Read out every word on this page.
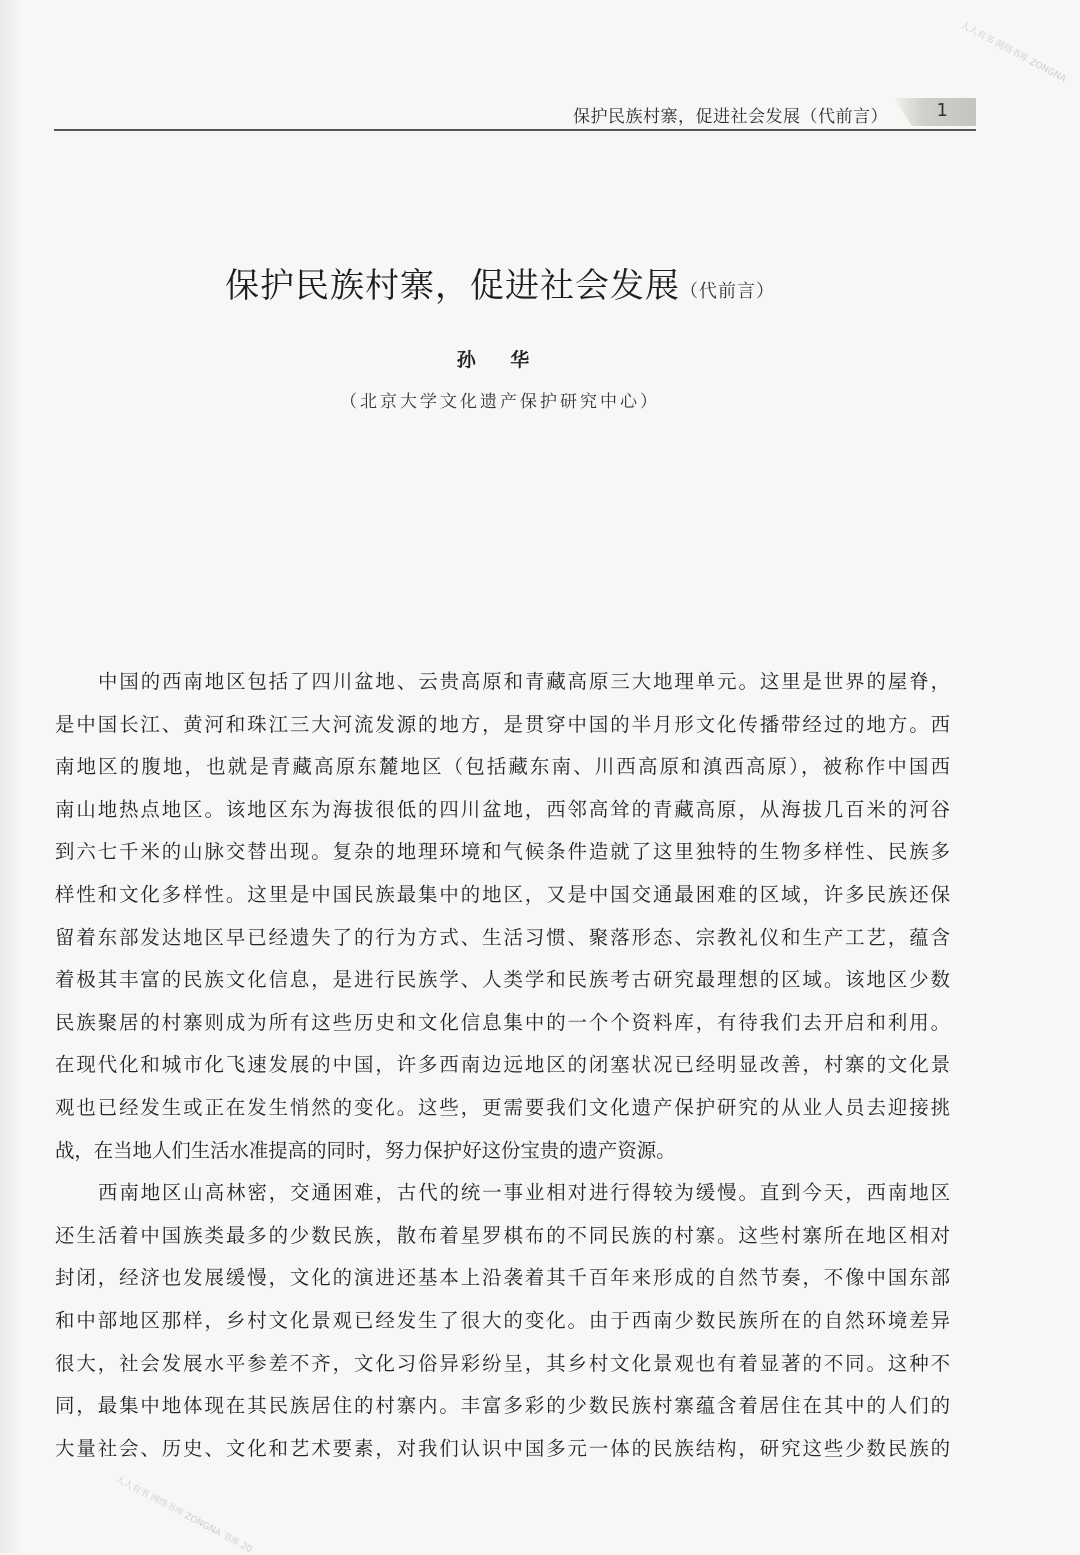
保护民族村寨，促进社会发展（代前言）	1
保护民族村寨，促进社会发展（代前言）
孙 华
（北京大学文化遗产保护研究中心）
中国的西南地区包括了四川盆地、云贵高原和青藏高原三大地理单元。这里是世界的屋脊，
是中国长江、黄河和珠江三大河流发源的地方，是贯穿中国的半月形文化传播带经过的地方。西
南地区的腹地，也就是青藏高原东麓地区（包括藏东南、川西高原和滇西高原），被称作中国西
南山地热点地区。该地区东为海拔很低的四川盆地，西邻高耸的青藏高原，从海拔几百米的河谷
到六七千米的山脉交替出现。复杂的地理环境和气候条件造就了这里独特的生物多样性、民族多
样性和文化多样性。这里是中国民族最集中的地区，又是中国交通最困难的区域，许多民族还保
留着东部发达地区早已经遗失了的行为方式、生活习惯、聚落形态、宗教礼仪和生产工艺，蕴含
着极其丰富的民族文化信息，是进行民族学、人类学和民族考古研究最理想的区域。该地区少数
民族聚居的村寨则成为所有这些历史和文化信息集中的一个个资料库，有待我们去开启和利用。
在现代化和城市化飞速发展的中国，许多西南边远地区的闭塞状况已经明显改善，村寨的文化景
观也已经发生或正在发生悄然的变化。这些，更需要我们文化遗产保护研究的从业人员去迎接挑
战，在当地人们生活水准提高的同时，努力保护好这份宝贵的遗产资源。
西南地区山高林密，交通困难，古代的统一事业相对进行得较为缓慢。直到今天，西南地区
还生活着中国族类最多的少数民族，散布着星罗棋布的不同民族的村寨。这些村寨所在地区相对
封闭，经济也发展缓慢，文化的演进还基本上沿袭着其千百年来形成的自然节奏，不像中国东部
和中部地区那样，乡村文化景观已经发生了很大的变化。由于西南少数民族所在的自然环境差异
很大，社会发展水平参差不齐，文化习俗异彩纷呈，其乡村文化景观也有着显著的不同。这种不
同，最集中地体现在其民族居住的村寨内。丰富多彩的少数民族村寨蕴含着居住在其中的人们的
大量社会、历史、文化和艺术要素，对我们认识中国多元一体的民族结构，研究这些少数民族的
人人有书 网络书库 ZONGNA
人人有书 网络书库 ZONGNA 书库 20
